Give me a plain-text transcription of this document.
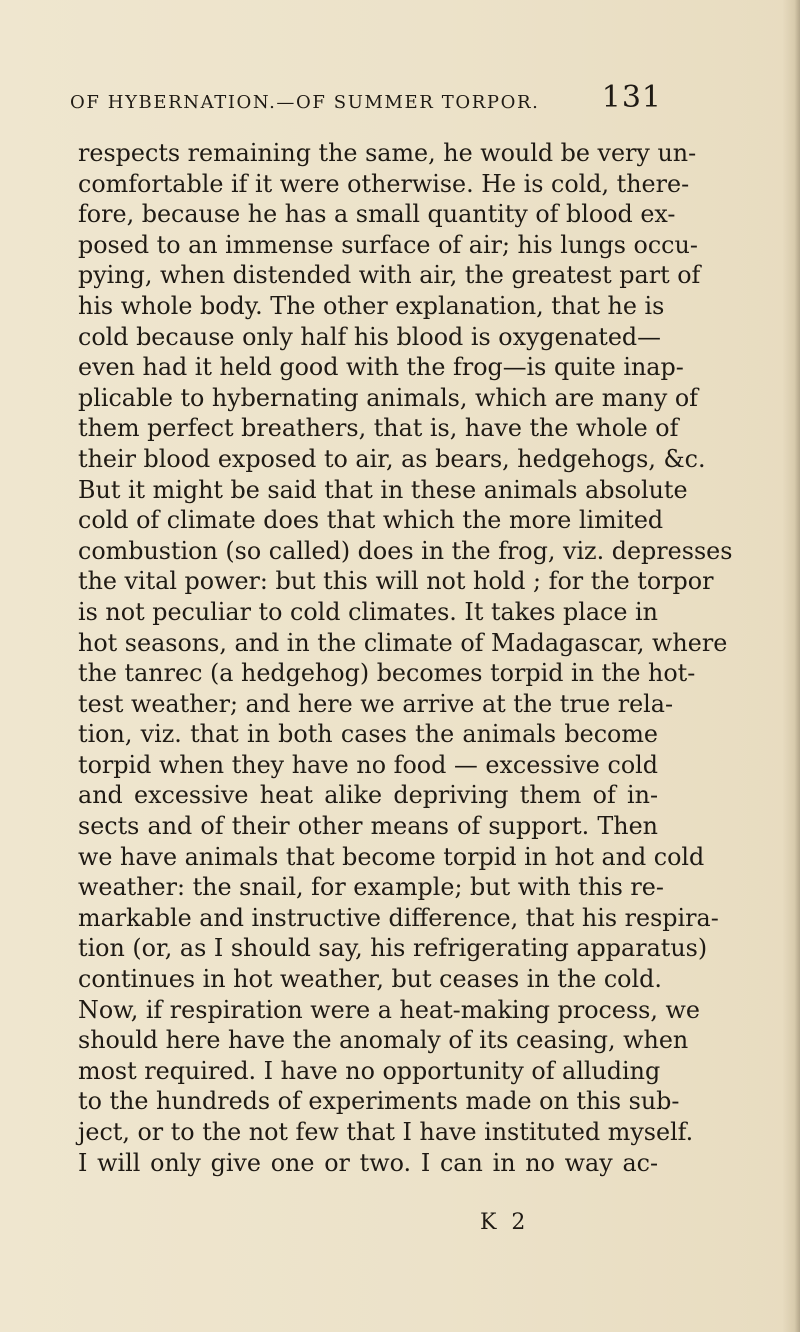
OF HYBERNATION.—OF SUMMER TORPOR. 131
respects remaining the same, he would be very un-
comfortable if it were otherwise. He is cold, there-
fore, because he has a small quantity of blood ex-
posed to an immense surface of air; his lungs occu-
pying, when distended with air, the greatest part of
his whole body. The other explanation, that he is
cold because only half his blood is oxygenated—
even had it held good with the frog—is quite inap-
plicable to hybernating animals, which are many of
them perfect breathers, that is, have the whole of
their blood exposed to air, as bears, hedgehogs, &c.
But it might be said that in these animals absolute
cold of climate does that which the more limited
combustion (so called) does in the frog, viz. depresses
the vital power: but this will not hold ; for the torpor
is not peculiar to cold climates. It takes place in
hot seasons, and in the climate of Madagascar, where
the tanrec (a hedgehog) becomes torpid in the hot-
test weather; and here we arrive at the true rela-
tion, viz. that in both cases the animals become
torpid when they have no food — excessive cold
and excessive heat alike depriving them of in-
sects and of their other means of support. Then
we have animals that become torpid in hot and cold
weather: the snail, for example; but with this re-
markable and instructive difference, that his respira-
tion (or, as I should say, his refrigerating apparatus)
continues in hot weather, but ceases in the cold.
Now, if respiration were a heat-making process, we
should here have the anomaly of its ceasing, when
most required. I have no opportunity of alluding
to the hundreds of experiments made on this sub-
ject, or to the not few that I have instituted myself.
I will only give one or two. I can in no way ac-
K 2
